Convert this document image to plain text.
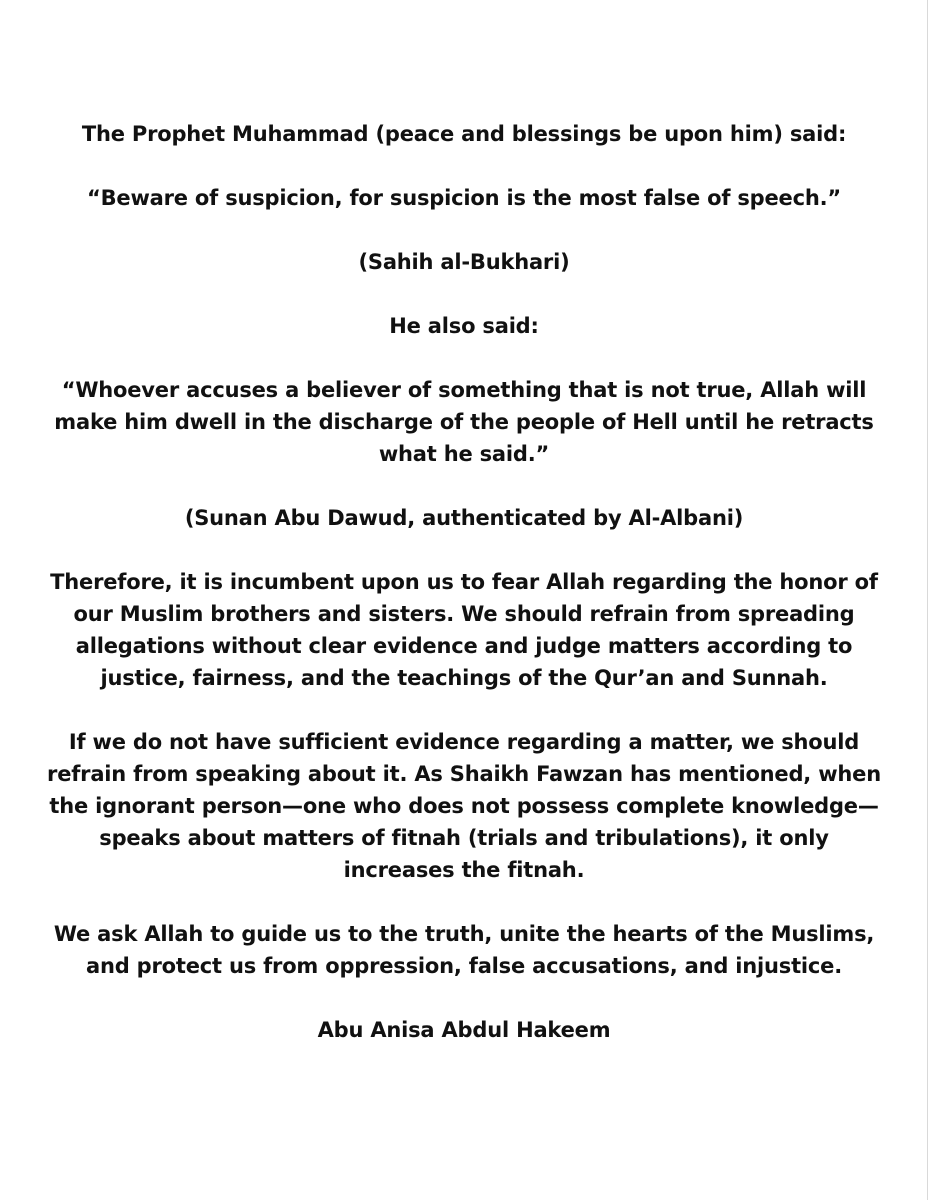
The Prophet Muhammad (peace and blessings be upon him) said:

“Beware of suspicion, for suspicion is the most false of speech.”

(Sahih al-Bukhari)

He also said:

“Whoever accuses a believer of something that is not true, Allah will
make him dwell in the discharge of the people of Hell until he retracts
what he said.”

(Sunan Abu Dawud, authenticated by Al-Albani)

Therefore, it is incumbent upon us to fear Allah regarding the honor of
our Muslim brothers and sisters. We should refrain from spreading
allegations without clear evidence and judge matters according to
justice, fairness, and the teachings of the Qur’an and Sunnah.

If we do not have sufficient evidence regarding a matter, we should
refrain from speaking about it. As Shaikh Fawzan has mentioned, when
the ignorant person—one who does not possess complete knowledge—
speaks about matters of fitnah (trials and tribulations), it only
increases the fitnah.

We ask Allah to guide us to the truth, unite the hearts of the Muslims,
and protect us from oppression, false accusations, and injustice.

Abu Anisa Abdul Hakeem
